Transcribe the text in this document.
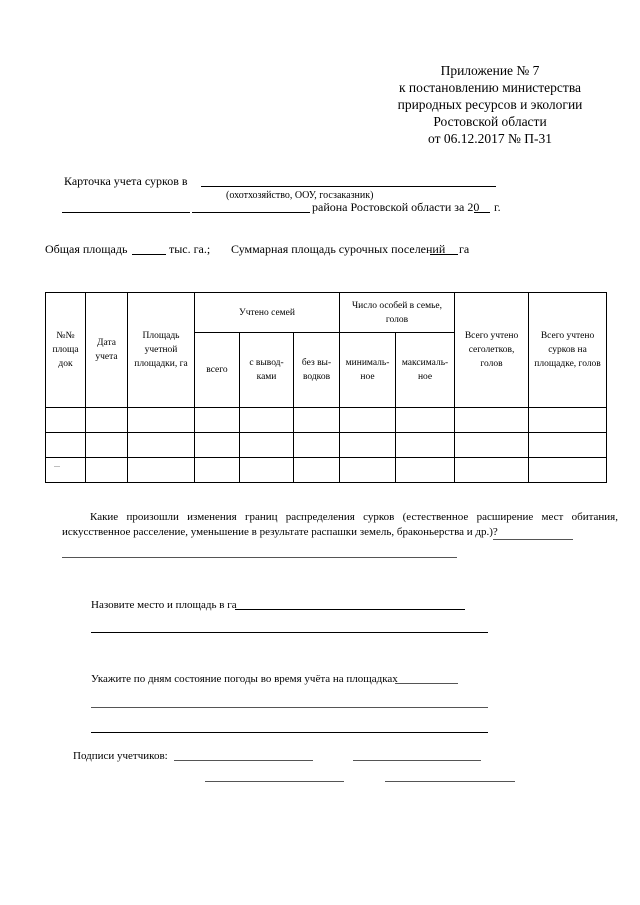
Приложение № 7
к постановлению министерства
природных ресурсов и экологии
Ростовской области
от 06.12.2017 № П-31
Карточка учета сурков в
(охотхозяйство, ООУ, госзаказник)
района Ростовской области за 20 г.
Общая площадь	тыс. га.; Суммарная площадь сурочных поселений га
№№ площа док	Дата учета	Площадь учетной площадки, га	Учтено семей			Число особей в семье, голов		Всего учтено сеголетков, голов	Всего учтено сурков на площадке, голов
			всего	с вывод-ками	без вы-водков	минималь-ное	максималь-ное		

...									
Какие произошли изменения границ распределения сурков (естественное расширение мест обитания,
искусственное расселение, уменьшение в результате распашки земель, браконьерства и др.)?
Назовите место и площадь в га
Укажите по дням состояние погоды во время учёта на площадках
Подписи учетчиков:
